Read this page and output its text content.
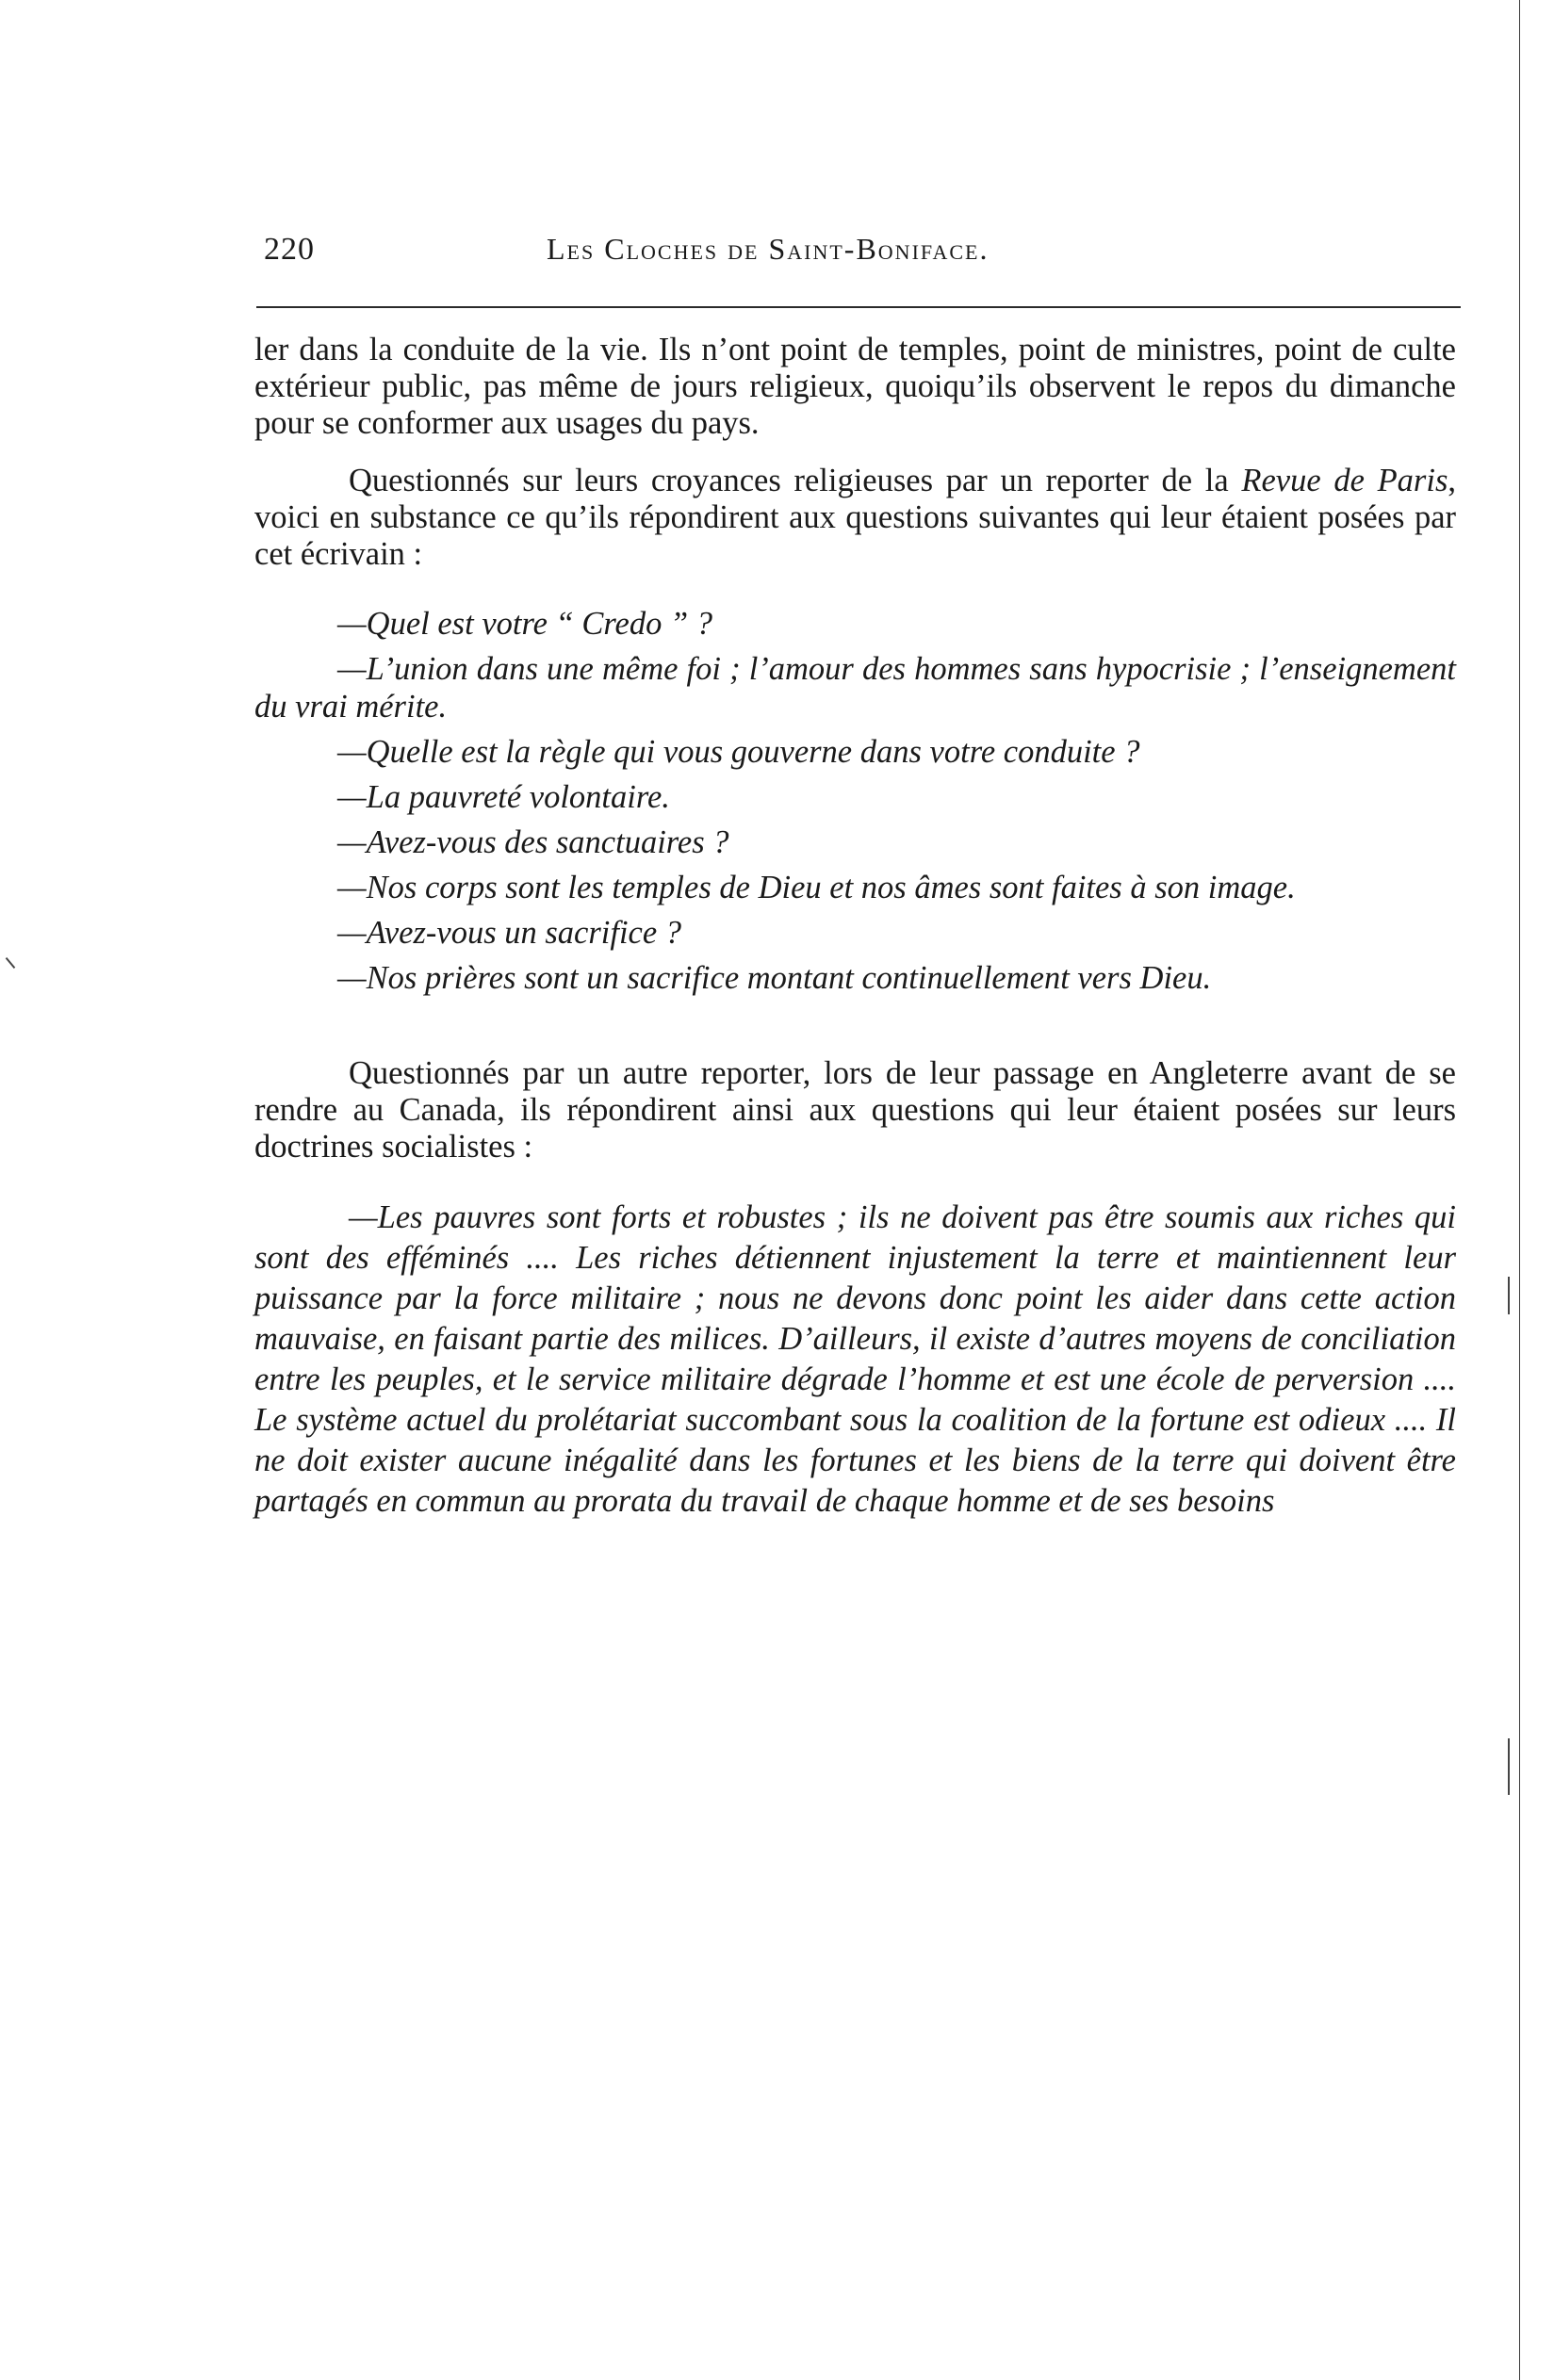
220	Les Cloches de Saint-Boniface.

ler dans la conduite de la vie. Ils n’ont point de temples, point de ministres, point de culte extérieur public, pas même de jours religieux, quoiqu’ils observent le repos du dimanche pour se conformer aux usages du pays.

Questionnés sur leurs croyances religieuses par un reporter de la Revue de Paris, voici en substance ce qu’ils répondirent aux questions suivantes qui leur étaient posées par cet écrivain :

—Quel est votre “ Credo ” ?

—L’union dans une même foi ; l’amour des hommes sans hypocrisie ; l’enseignement du vrai mérite.

—Quelle est la règle qui vous gouverne dans votre conduite ?

—La pauvreté volontaire.

—Avez-vous des sanctuaires ?

—Nos corps sont les temples de Dieu et nos âmes sont faites à son image.

—Avez-vous un sacrifice ?

—Nos prières sont un sacrifice montant continuellement vers Dieu.

Questionnés par un autre reporter, lors de leur passage en Angleterre avant de se rendre au Canada, ils répondirent ainsi aux questions qui leur étaient posées sur leurs doctrines socialistes :

—Les pauvres sont forts et robustes ; ils ne doivent pas être soumis aux riches qui sont des efféminés .... Les riches détiennent injustement la terre et maintiennent leur puissance par la force militaire ; nous ne devons donc point les aider dans cette action mauvaise, en faisant partie des milices. D’ailleurs, il existe d’autres moyens de conciliation entre les peuples, et le service militaire dégrade l’homme et est une école de perversion .... Le système actuel du prolétariat succombant sous la coalition de la fortune est odieux .... Il ne doit exister aucune inégalité dans les fortunes et les biens de la terre qui doivent être partagés en commun au prorata du travail de chaque homme et de ses besoins
